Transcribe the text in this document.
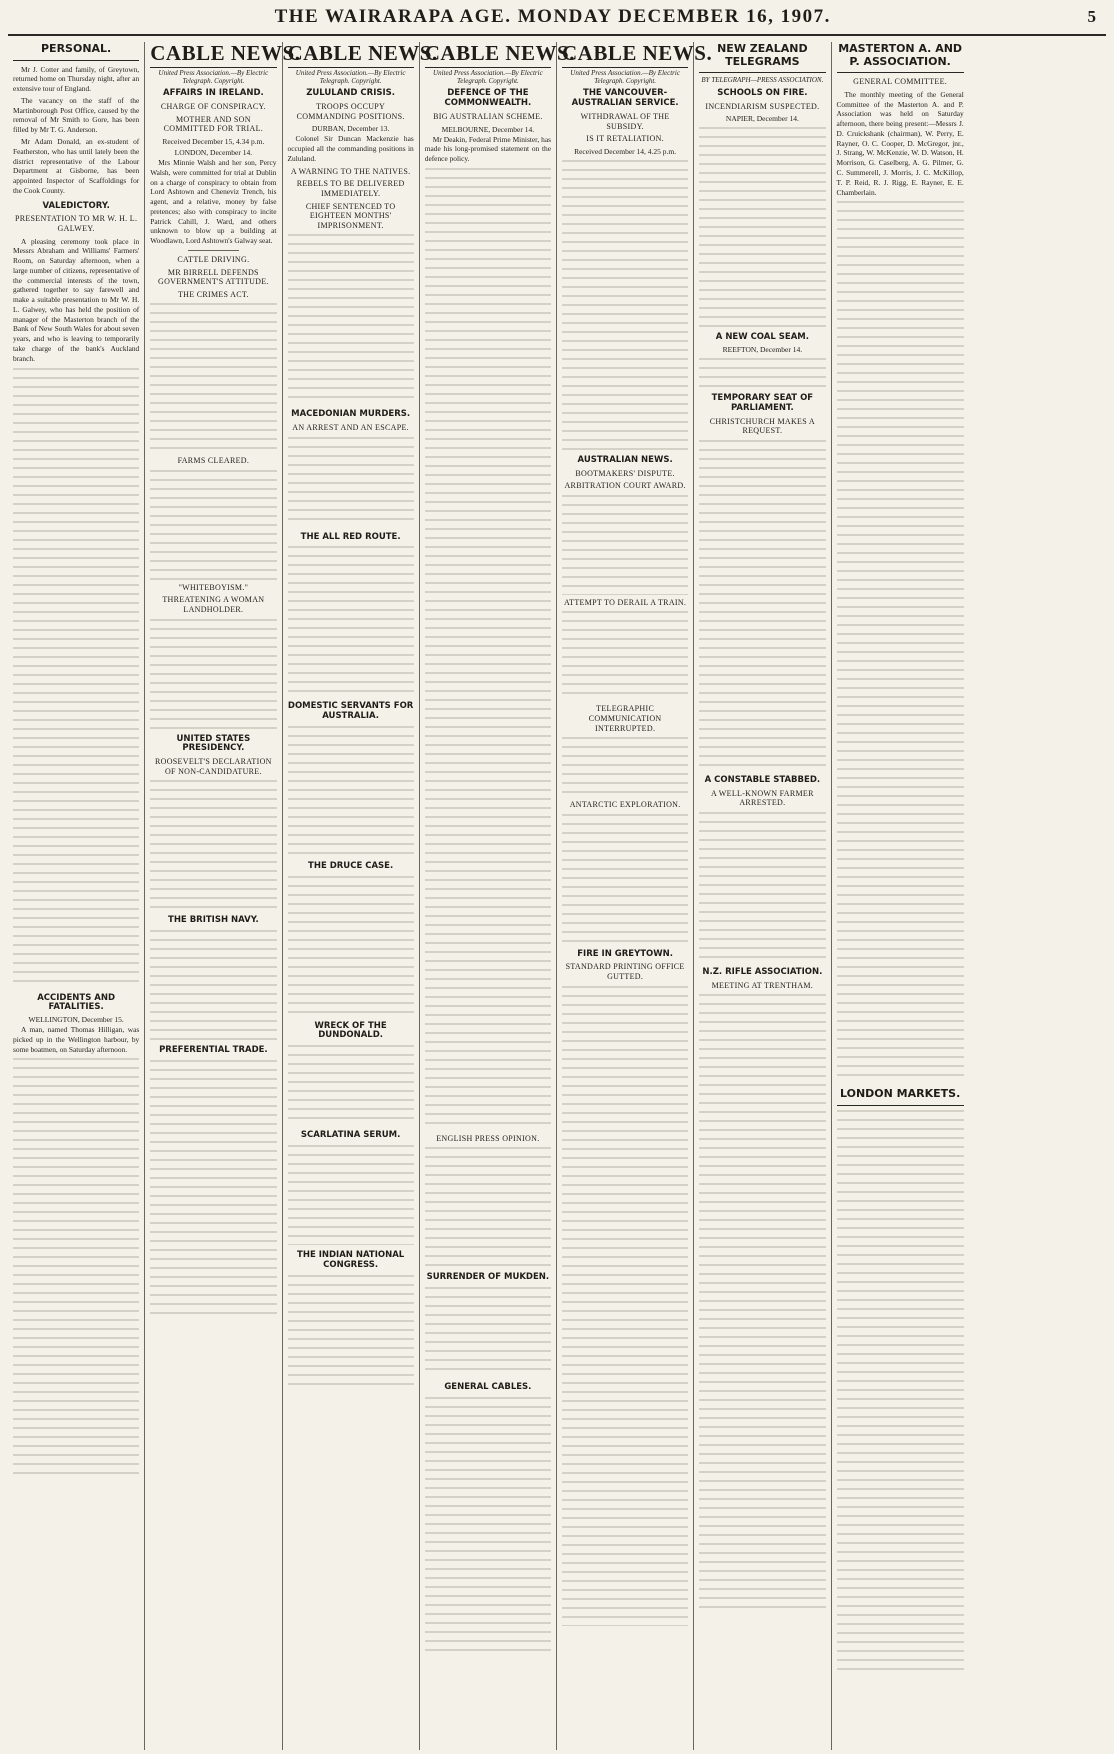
THE WAIRARAPA AGE. MONDAY DECEMBER 16, 1907.	5
PERSONAL.

Mr J. Cotter and family, of Greytown, returned home on Thursday night, after an extensive tour of England.

The vacancy on the staff of the Martinborough Post Office, caused by the removal of Mr Smith to Gore, has been filled by Mr T. G. Anderson.

Mr Adam Donald, an ex-student of Featherston, who has until lately been the district representative of the Labour Department at Gisborne, has been appointed Inspector of Scaffoldings for the Cook County.

VALEDICTORY.
PRESENTATION TO MR W. H. L. GALWEY.

A pleasing ceremony took place in Messrs Abraham and Williams' Farmers' Room, on Saturday afternoon, when a large number of citizens, representative of the commercial interests of the town, gathered together to say farewell and make a suitable presentation to Mr W. H. L. Galwey, who has held the position of manager of the Masterton branch of the Bank of New South Wales for about seven years, and who is leaving to temporarily take charge of the bank's Auckland branch.

ACCIDENTS AND FATALITIES.
WELLINGTON, December 15.

A man, named Thomas Hilligan, was picked up in the Wellington harbour, by some boatmen, on Saturday afternoon.

CABLE NEWS.
United Press Association.—By Electric Telegraph. Copyright.
AFFAIRS IN IRELAND.
CHARGE OF CONSPIRACY.
MOTHER AND SON COMMITTED FOR TRIAL.
Received December 15, 4.34 p.m.
LONDON, December 14.

Mrs Minnie Walsh and her son, Percy Walsh, were committed for trial at Dublin on a charge of conspiracy to obtain from Lord Ashtown and Cheneviz Trench, his agent, and a relative, money by false pretences; also with conspiracy to incite Patrick Cahill, J. Ward, and others unknown to blow up a building at Woodlawn, Lord Ashtown's Galway seat.

CATTLE DRIVING.
MR BIRRELL DEFENDS GOVERNMENT'S ATTITUDE.
THE CRIMES ACT.
FARMS CLEARED.
"WHITEBOYISM."
THREATENING A WOMAN LANDHOLDER.
UNITED STATES PRESIDENCY.
ROOSEVELT'S DECLARATION OF NON-CANDIDATURE.
THE BRITISH NAVY.
PREFERENTIAL TRADE.
CABLE NEWS.
United Press Association.—By Electric Telegraph. Copyright.
ZULULAND CRISIS.
TROOPS OCCUPY COMMANDING POSITIONS.
DURBAN, December 13.

Colonel Sir Duncan Mackenzie has occupied all the commanding positions in Zululand.

A WARNING TO THE NATIVES.
REBELS TO BE DELIVERED IMMEDIATELY.
CHIEF SENTENCED TO EIGHTEEN MONTHS' IMPRISONMENT.
MACEDONIAN MURDERS.
AN ARREST AND AN ESCAPE.
THE ALL RED ROUTE.
DOMESTIC SERVANTS FOR AUSTRALIA.
THE DRUCE CASE.
WRECK OF THE DUNDONALD.
SCARLATINA SERUM.
THE INDIAN NATIONAL CONGRESS.
CABLE NEWS.
United Press Association.—By Electric Telegraph. Copyright.
DEFENCE OF THE COMMONWEALTH.
BIG AUSTRALIAN SCHEME.
MELBOURNE, December 14.

Mr Deakin, Federal Prime Minister, has made his long-promised statement on the defence policy.

ENGLISH PRESS OPINION.
SURRENDER OF MUKDEN.
GENERAL CABLES.
CABLE NEWS.
United Press Association.—By Electric Telegraph. Copyright.
THE VANCOUVER-AUSTRALIAN SERVICE.
WITHDRAWAL OF THE SUBSIDY.
IS IT RETALIATION.
Received December 14, 4.25 p.m.
AUSTRALIAN NEWS.
BOOTMAKERS' DISPUTE.
ARBITRATION COURT AWARD.
ATTEMPT TO DERAIL A TRAIN.
TELEGRAPHIC COMMUNICATION INTERRUPTED.
ANTARCTIC EXPLORATION.
FIRE IN GREYTOWN.
STANDARD PRINTING OFFICE GUTTED.
NEW ZEALAND TELEGRAMS
BY TELEGRAPH—PRESS ASSOCIATION.
SCHOOLS ON FIRE.
INCENDIARISM SUSPECTED.
NAPIER, December 14.
A NEW COAL SEAM.
REEFTON, December 14.
TEMPORARY SEAT OF PARLIAMENT.
CHRISTCHURCH MAKES A REQUEST.
A CONSTABLE STABBED.
A WELL-KNOWN FARMER ARRESTED.
N.Z. RIFLE ASSOCIATION.
MEETING AT TRENTHAM.
MASTERTON A. AND P. ASSOCIATION.
GENERAL COMMITTEE.

The monthly meeting of the General Committee of the Masterton A. and P. Association was held on Saturday afternoon, there being present:—Messrs J. D. Cruickshank (chairman), W. Perry, E. Rayner, O. C. Cooper, D. McGregor, jnr., J. Strang, W. McKenzie, W. D. Watson, H. Morrison, G. Caselberg, A. G. Pilmer, G. C. Summerell, J. Morris, J. C. McKillop, T. P. Reid, R. J. Rigg, E. Rayner, E. E. Chamberlain.

LONDON MARKETS.
